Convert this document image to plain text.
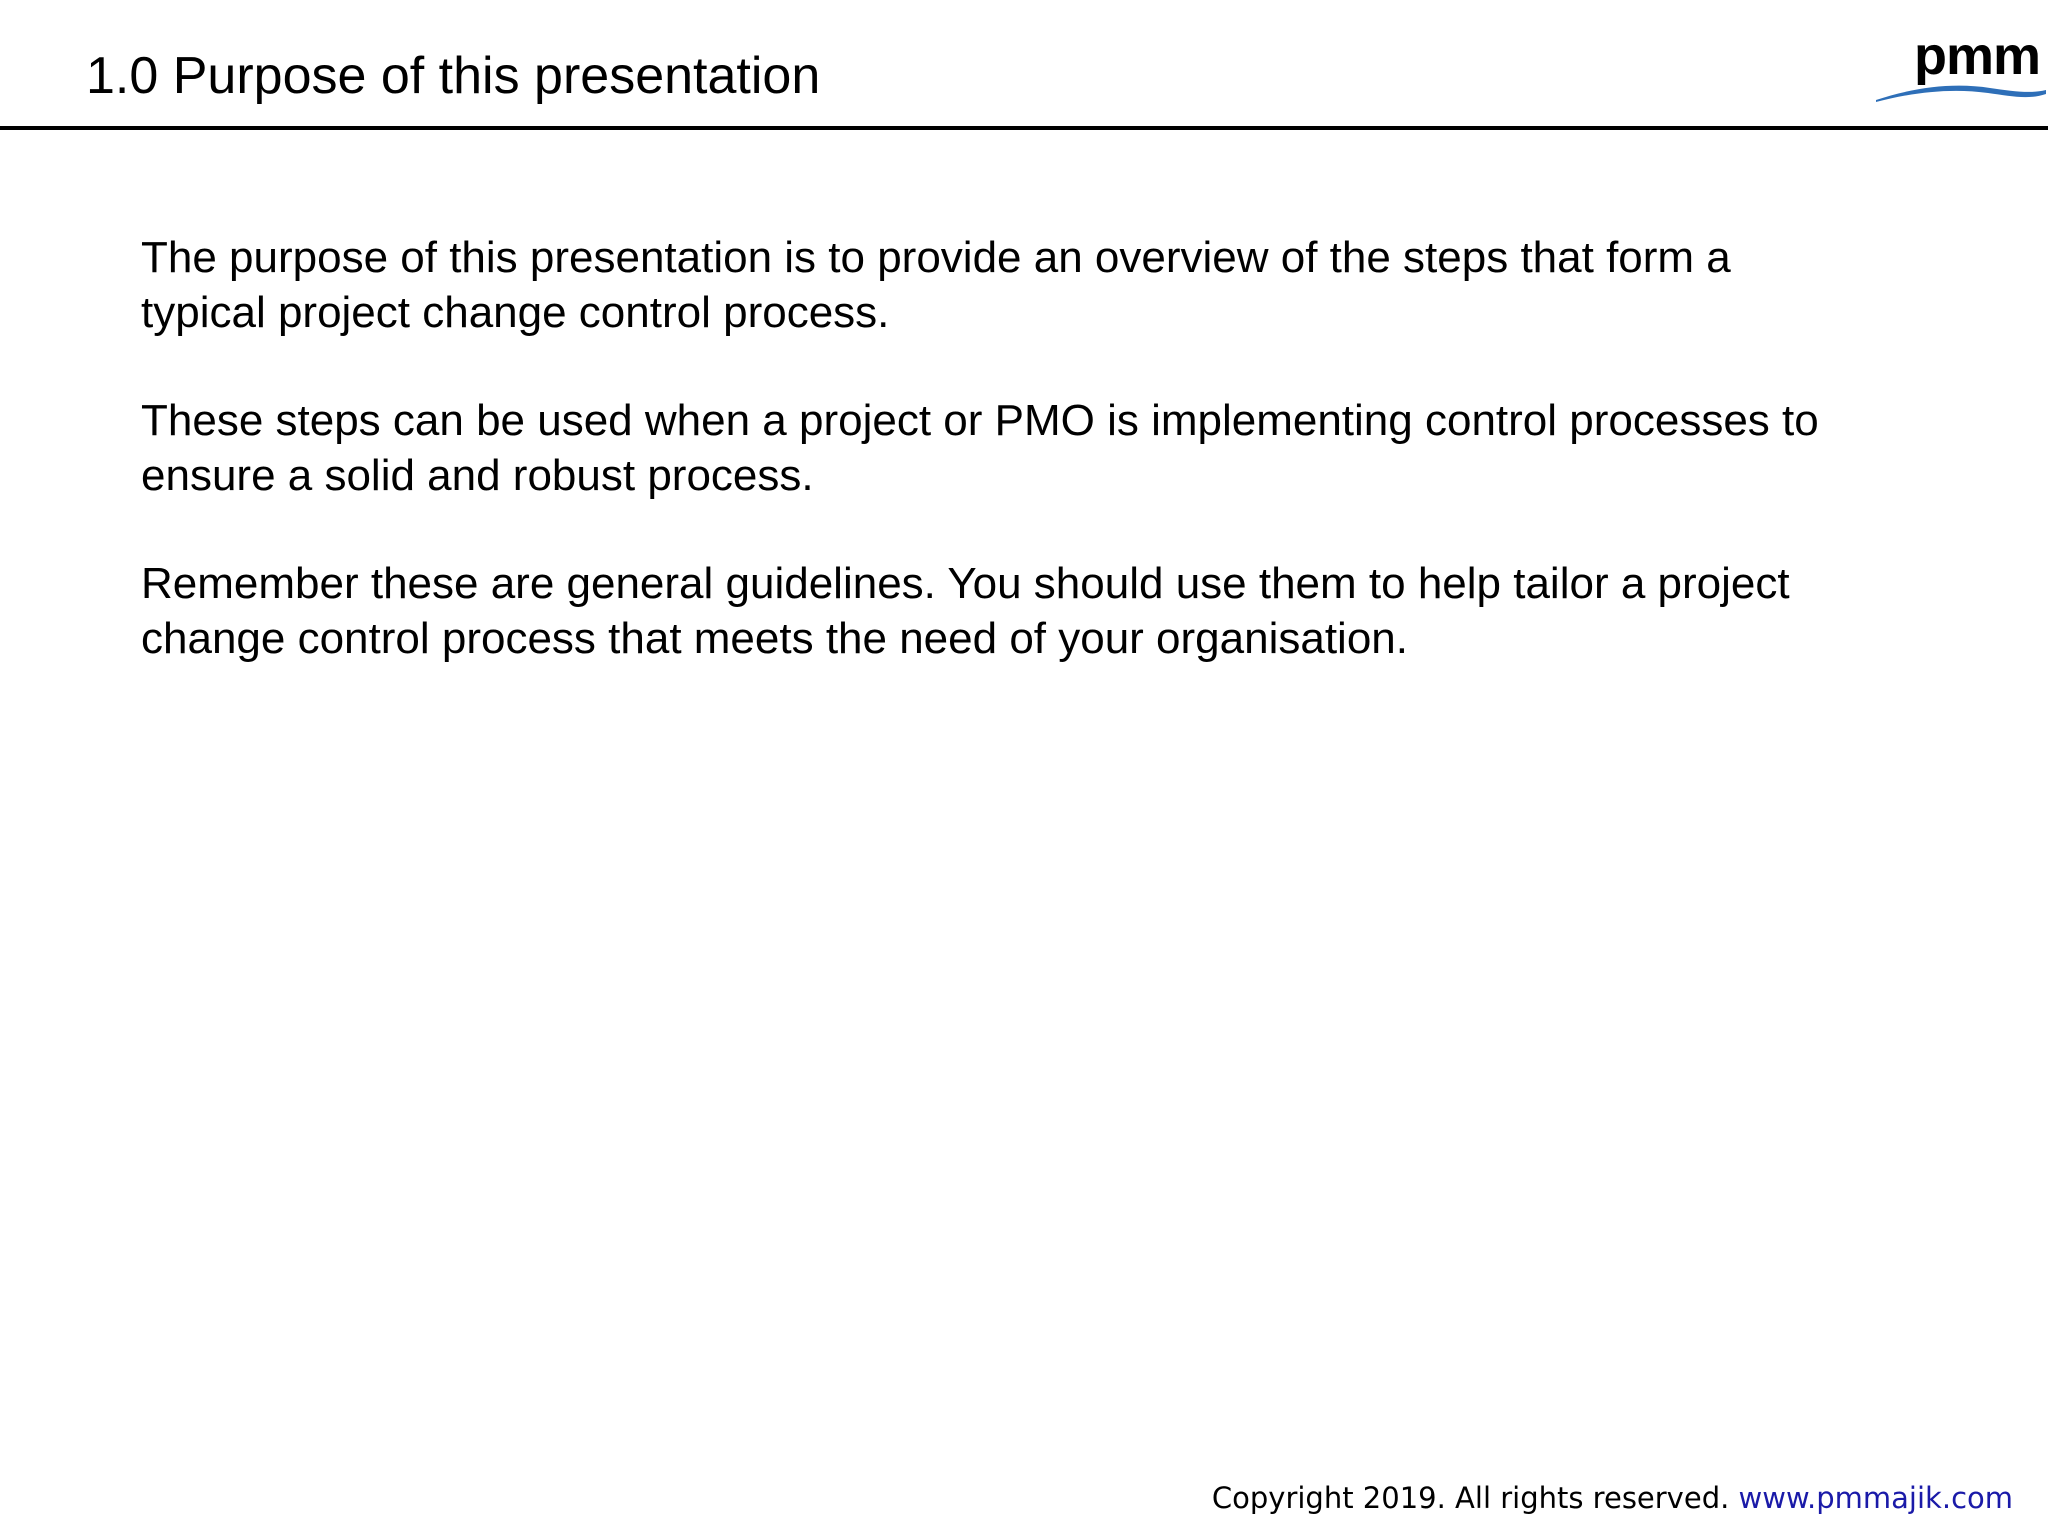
1.0 Purpose of this presentation	pmm

The purpose of this presentation is to provide an overview of the steps that form a
typical project change control process.

These steps can be used when a project or PMO is implementing control processes to
ensure a solid and robust process.

Remember these are general guidelines. You should use them to help tailor a project
change control process that meets the need of your organisation.

Copyright 2019. All rights reserved. www.pmmajik.com
